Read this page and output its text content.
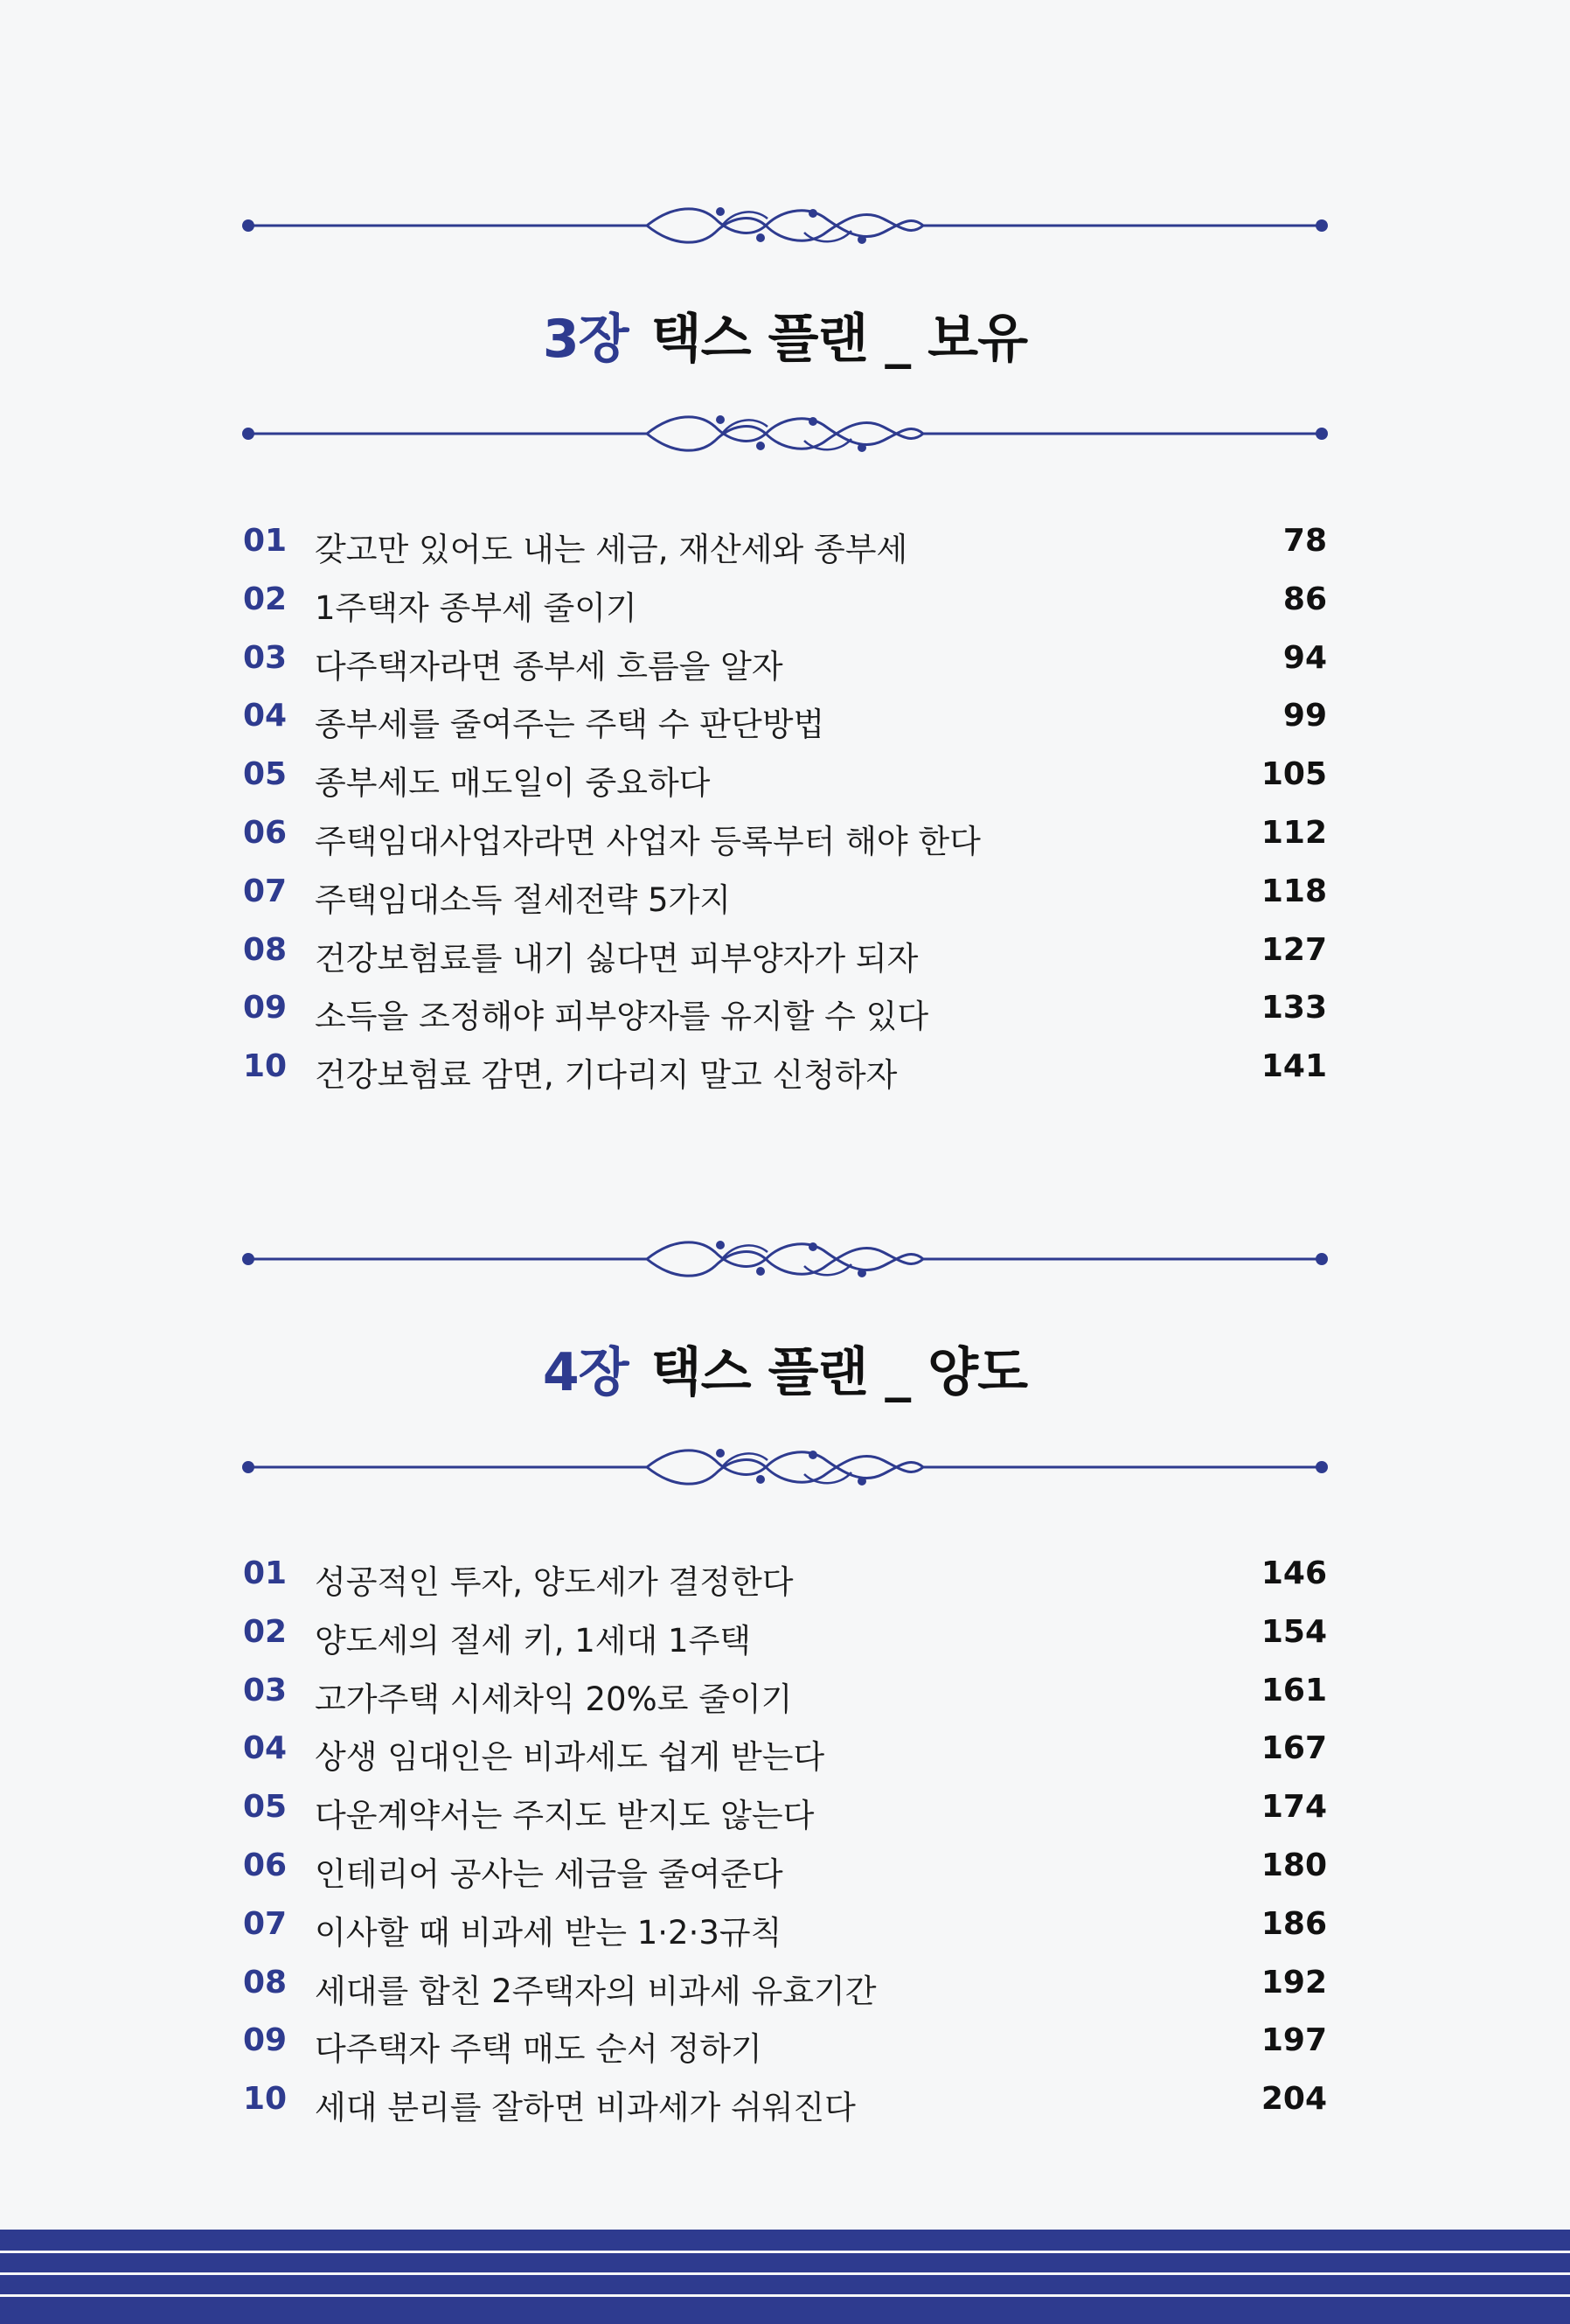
3장 택스 플랜 _ 보유
01 갖고만 있어도 내는 세금, 재산세와 종부세	78
02 1주택자 종부세 줄이기	86
03 다주택자라면 종부세 흐름을 알자	94
04 종부세를 줄여주는 주택 수 판단방법	99
05 종부세도 매도일이 중요하다	105
06 주택임대사업자라면 사업자 등록부터 해야 한다	112
07 주택임대소득 절세전략 5가지	118
08 건강보험료를 내기 싫다면 피부양자가 되자	127
09 소득을 조정해야 피부양자를 유지할 수 있다	133
10 건강보험료 감면, 기다리지 말고 신청하자	141
4장 택스 플랜 _ 양도
01 성공적인 투자, 양도세가 결정한다	146
02 양도세의 절세 키, 1세대 1주택	154
03 고가주택 시세차익 20%로 줄이기	161
04 상생 임대인은 비과세도 쉽게 받는다	167
05 다운계약서는 주지도 받지도 않는다	174
06 인테리어 공사는 세금을 줄여준다	180
07 이사할 때 비과세 받는 1·2·3규칙	186
08 세대를 합친 2주택자의 비과세 유효기간	192
09 다주택자 주택 매도 순서 정하기	197
10 세대 분리를 잘하면 비과세가 쉬워진다	204
